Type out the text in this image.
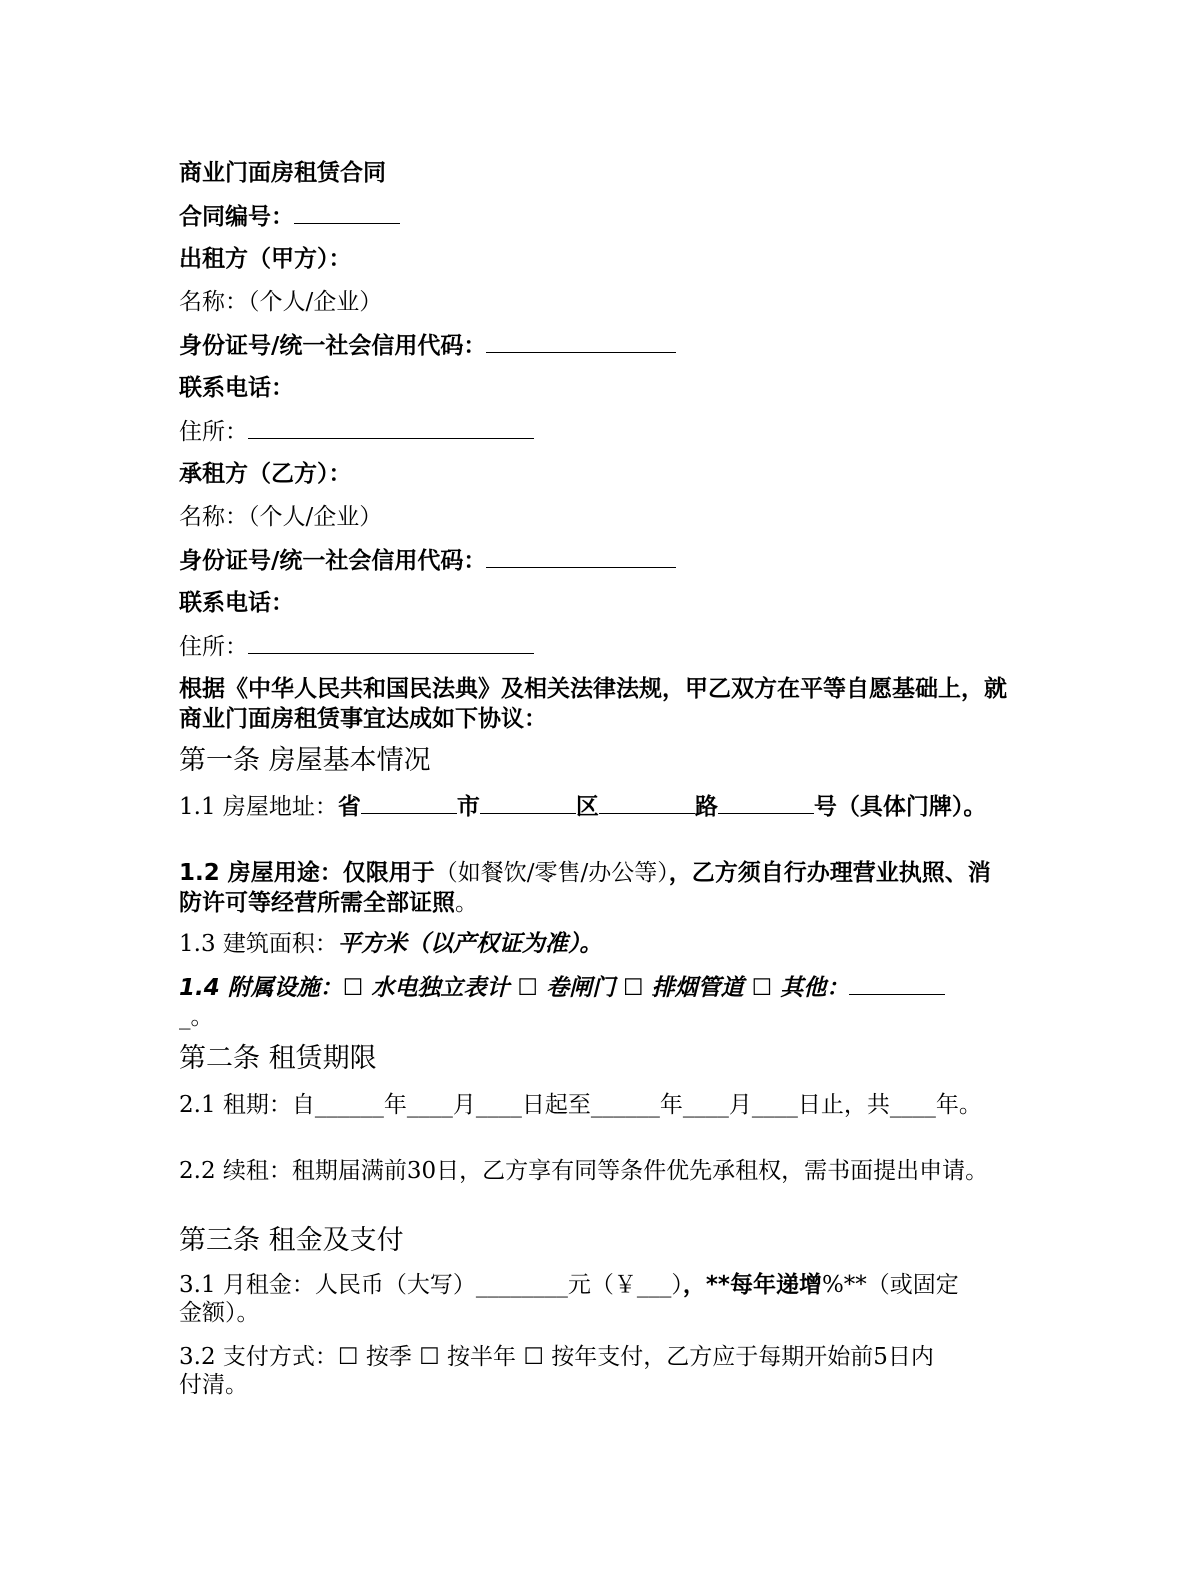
商业门面房租赁合同
合同编号：
出租方（甲方）：
名称：（个人/企业）
身份证号/统一社会信用代码：
联系电话：
住所：
承租方（乙方）：
名称：（个人/企业）
身份证号/统一社会信用代码：
联系电话：
住所：
根据《中华人民共和国民法典》及相关法律法规，甲乙双方在平等自愿基础上，就商业门面房租赁事宜达成如下协议：
第一条 房屋基本情况
1.1 房屋地址：省	市	区	路	号（具体门牌）。
1.2 房屋用途：仅限用于（如餐饮/零售/办公等），乙方须自行办理营业执照、消防许可等经营所需全部证照。
1.3 建筑面积：平方米（以产权证为准）。
1.4 附属设施：☐ 水电独立表计 ☐ 卷闸门 ☐ 排烟管道 ☐ 其他：
_。
第二条 租赁期限
2.1 租期：自______年____月____日起至______年____月____日止，共____年。
2.2 续租：租期届满前30日，乙方享有同等条件优先承租权，需书面提出申请。
第三条 租金及支付
3.1 月租金：人民币（大写）________元（￥___），**每年递增%**（或固定
金额）。
3.2 支付方式：☐ 按季 ☐ 按半年 ☐ 按年支付，乙方应于每期开始前5日内
付清。
